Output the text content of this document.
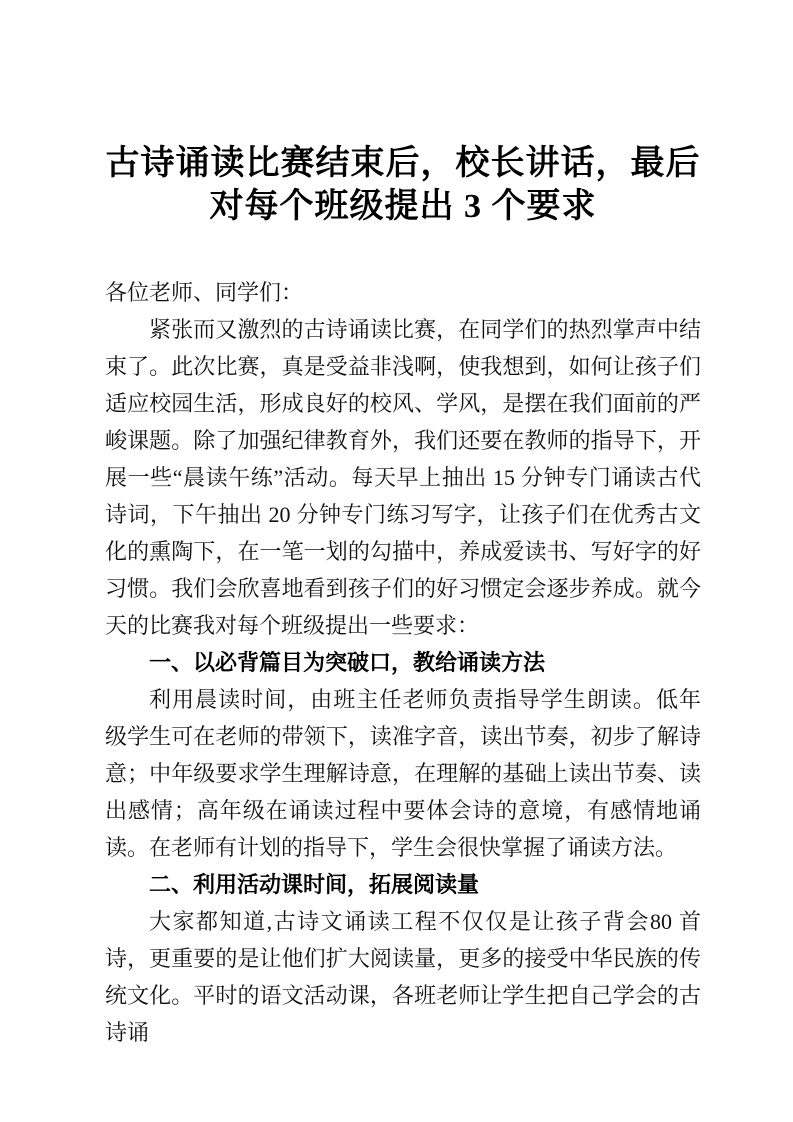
古诗诵读比赛结束后，校长讲话，最后
对每个班级提出 3 个要求

各位老师、同学们：

紧张而又激烈的古诗诵读比赛，在同学们的热烈掌声中结束了。此次比赛，真是受益非浅啊，使我想到，如何让孩子们适应校园生活，形成良好的校风、学风，是摆在我们面前的严峻课题。除了加强纪律教育外，我们还要在教师的指导下，开展一些“晨读午练”活动。每天早上抽出 15 分钟专门诵读古代诗词，下午抽出 20 分钟专门练习写字，让孩子们在优秀古文化的熏陶下，在一笔一划的勾描中，养成爱读书、写好字的好习惯。我们会欣喜地看到孩子们的好习惯定会逐步养成。就今天的比赛我对每个班级提出一些要求：

一、以必背篇目为突破口，教给诵读方法

利用晨读时间，由班主任老师负责指导学生朗读。低年 级学生可在老师的带领下，读准字音，读出节奏，初步了解诗意；中年级要求学生理解诗意，在理解的基础上读出节奏、读出感情；高年级在诵读过程中要体会诗的意境，有感情地诵读。在老师有计划的指导下，学生会很快掌握了诵读方法。

二、利用活动课时间，拓展阅读量

大家都知道,古诗文诵读工程不仅仅是让孩子背会80 首诗，更重要的是让他们扩大阅读量，更多的接受中华民族的传统文化。平时的语文活动课，各班老师让学生把自己学会的古诗诵
